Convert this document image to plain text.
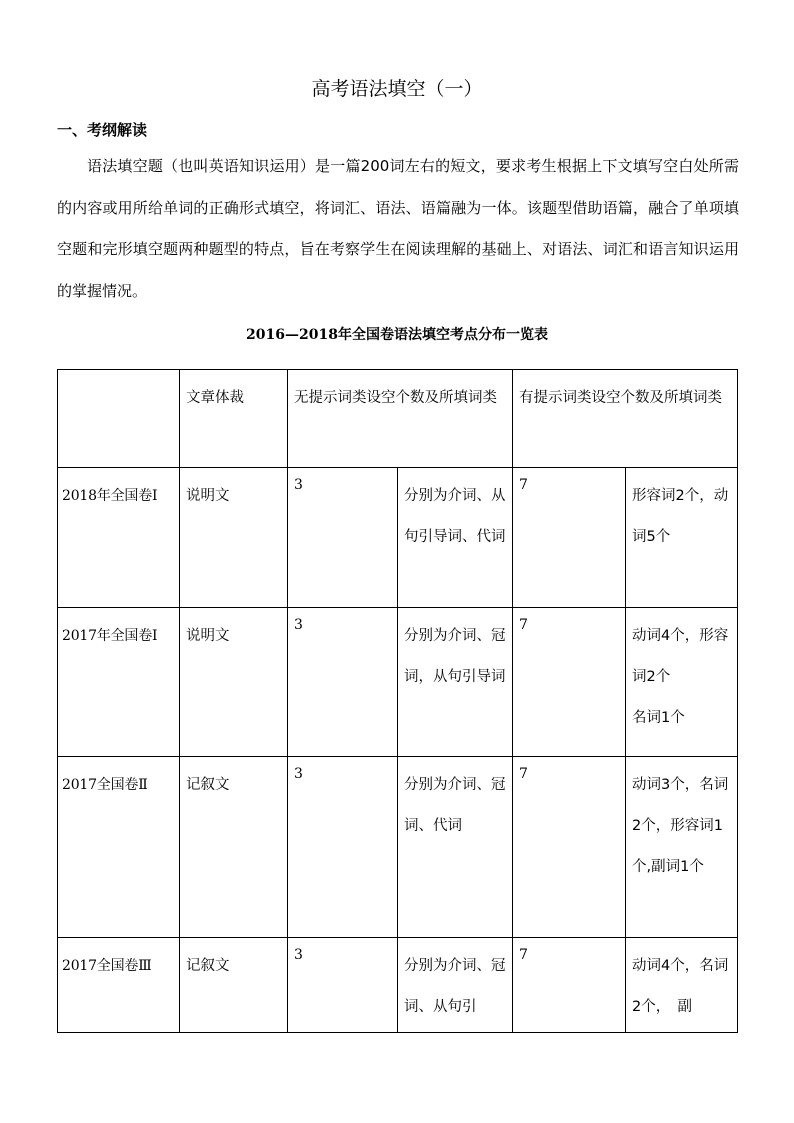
高考语法填空（一）
一、考纲解读

语法填空题（也叫英语知识运用）是一篇200词左右的短文，要求考生根据上下文填写空白处所需的内容或用所给单词的正确形式填空，将词汇、语法、语篇融为一体。该题型借助语篇，融合了单项填空题和完形填空题两种题型的特点，旨在考察学生在阅读理解的基础上、对语法、词汇和语言知识运用的掌握情况。

2016—2018年全国卷语法填空考点分布一览表
	文章体裁	无提示词类设空个数及所填词类		有提示词类设空个数及所填词类	
2018年全国卷Ⅰ	说明文	3	分别为介词、从句引导词、代词	7	形容词2个，动词5个

2017年全国卷Ⅰ	说明文	3	分别为介词、冠词，从句引导词	7	动词4个，形容词2个
名词1个

2017全国卷Ⅱ	记叙文	3	分别为介词、冠词、代词	7	动词3个，名词2个，形容词1个,副词1个

2017全国卷Ⅲ	记叙文	3	分别为介词、冠词、从句引	7	动词4个，名词2个，　副
